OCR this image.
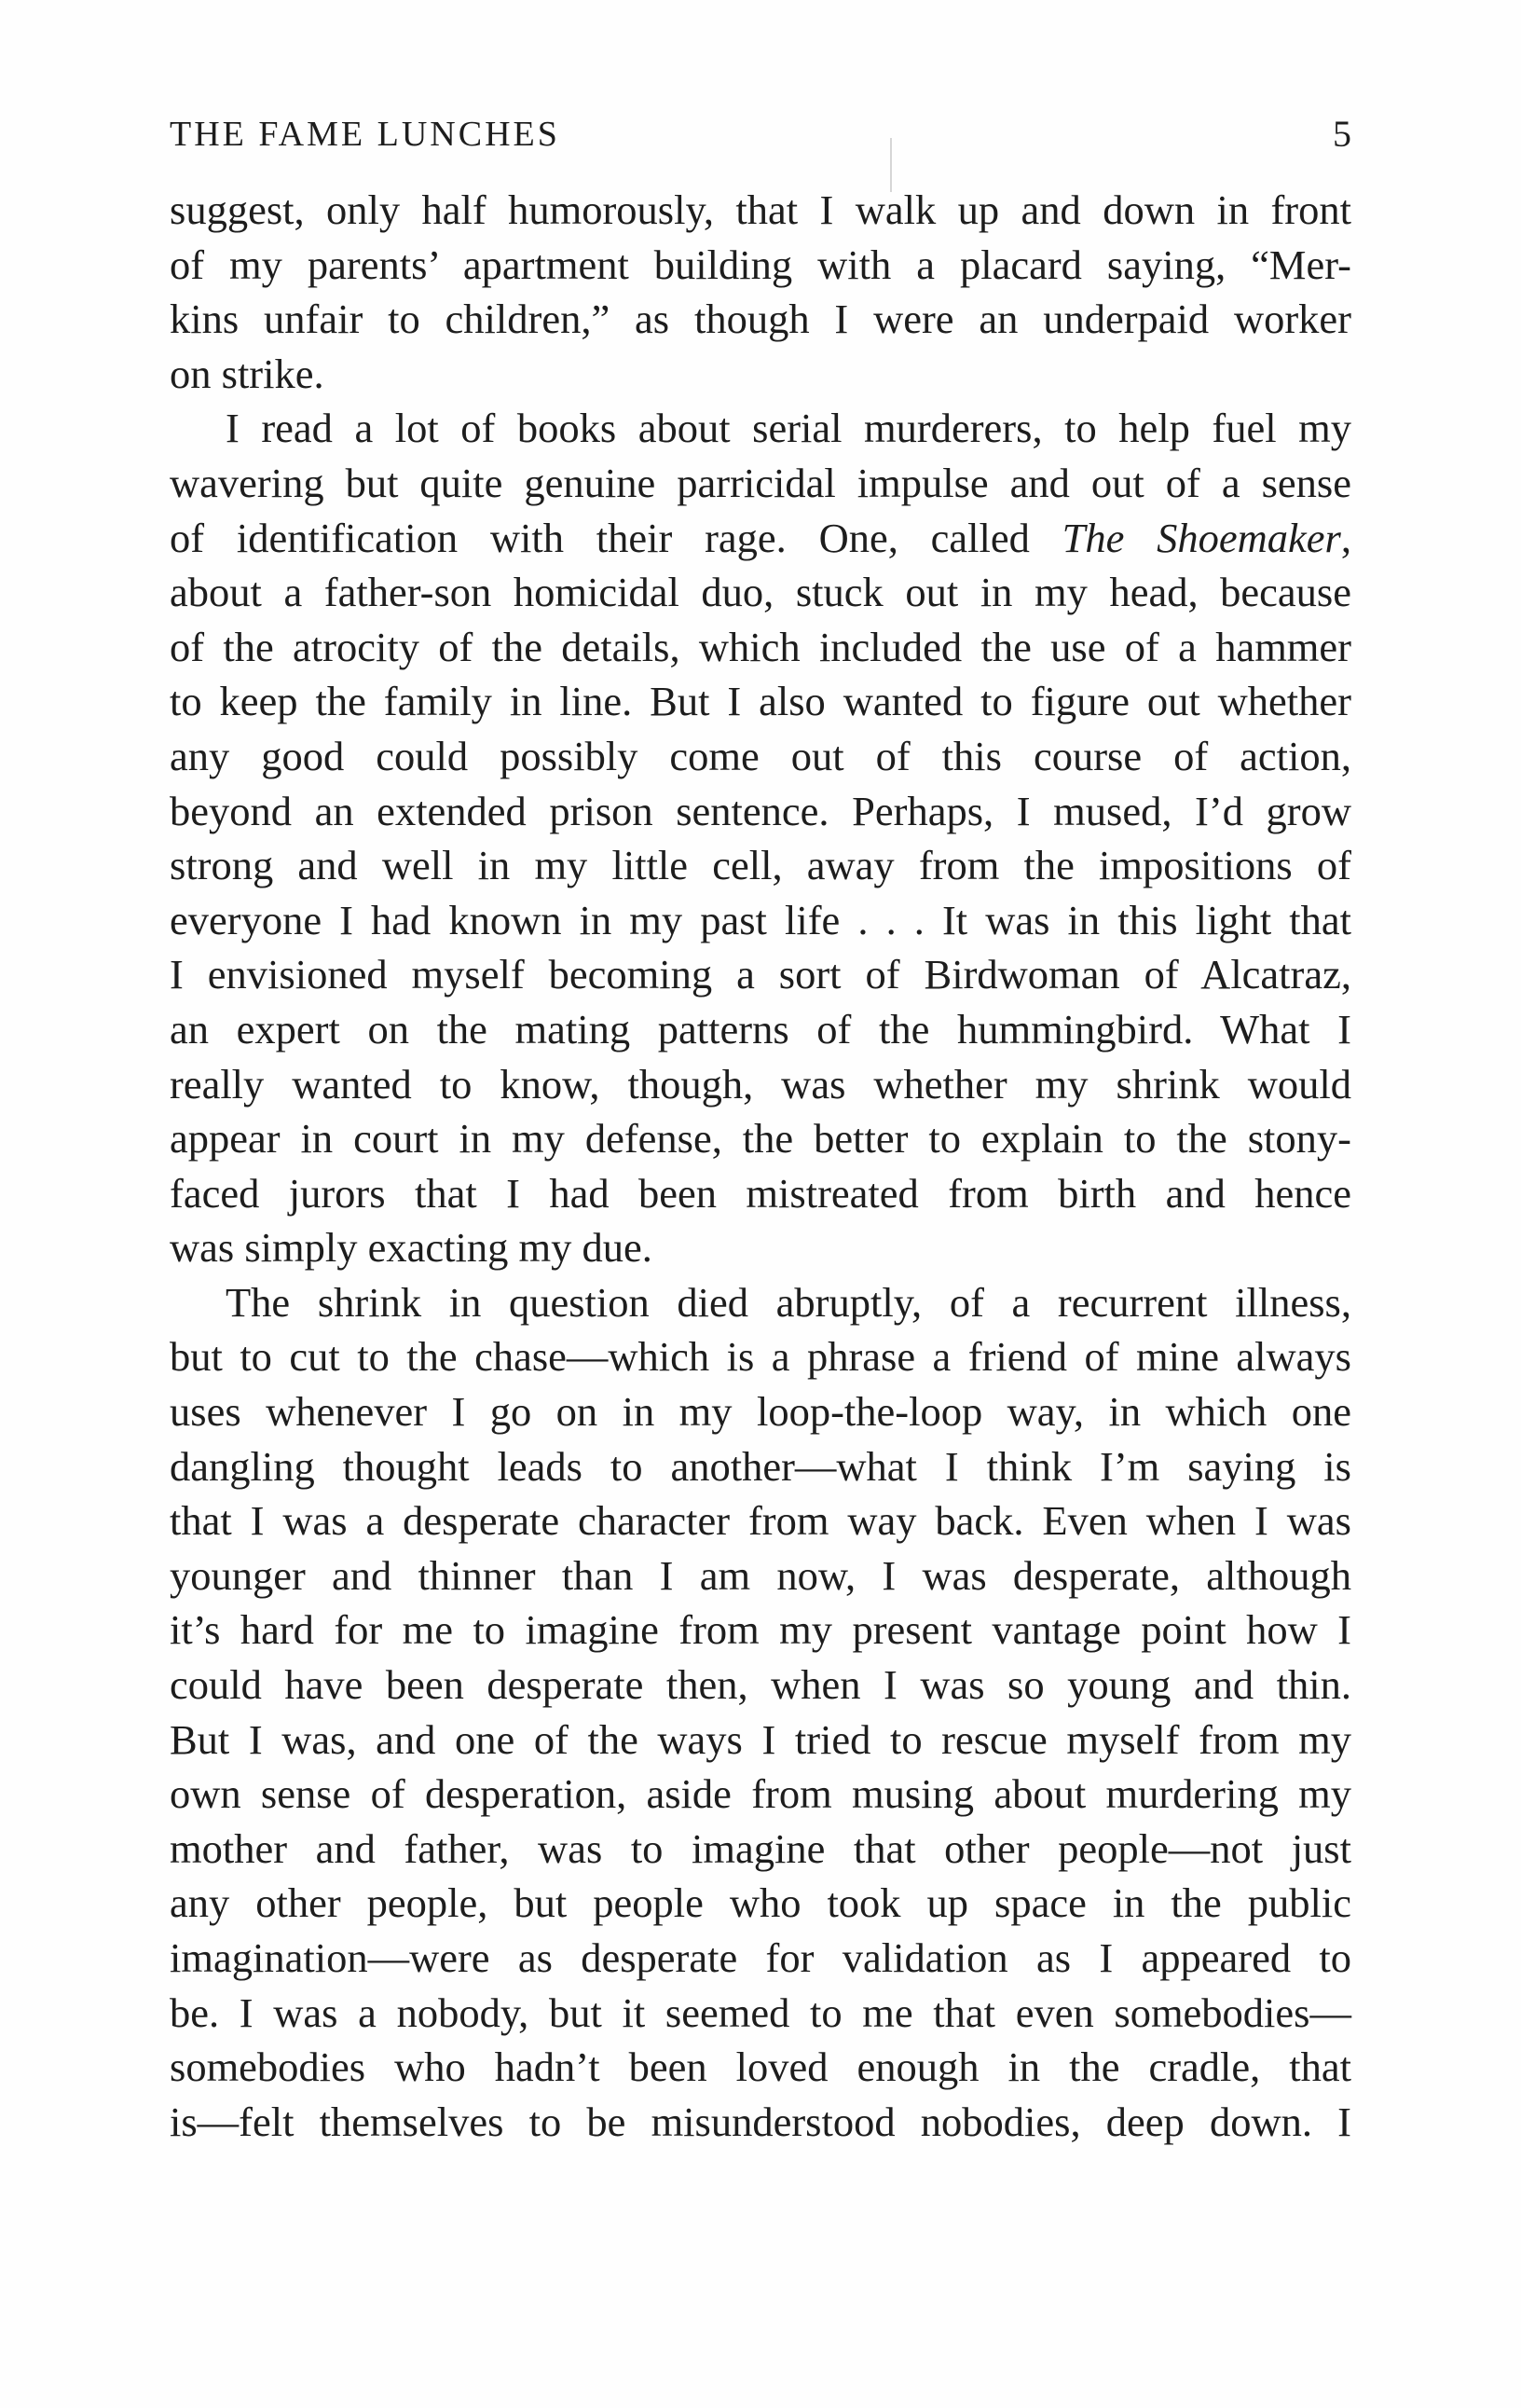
THE FAME LUNCHES	5
suggest, only half humorously, that I walk up and down in front
of my parents’ apartment building with a placard saying, “Mer-
kins unfair to children,” as though I were an underpaid worker
on strike.
I read a lot of books about serial murderers, to help fuel my
wavering but quite genuine parricidal impulse and out of a sense
of identification with their rage. One, called The Shoemaker,
about a father-son homicidal duo, stuck out in my head, because
of the atrocity of the details, which included the use of a hammer
to keep the family in line. But I also wanted to figure out whether
any good could possibly come out of this course of action,
beyond an extended prison sentence. Perhaps, I mused, I’d grow
strong and well in my little cell, away from the impositions of
everyone I had known in my past life . . . It was in this light that
I envisioned myself becoming a sort of Birdwoman of Alcatraz,
an expert on the mating patterns of the hummingbird. What I
really wanted to know, though, was whether my shrink would
appear in court in my defense, the better to explain to the stony-
faced jurors that I had been mistreated from birth and hence
was simply exacting my due.
The shrink in question died abruptly, of a recurrent illness,
but to cut to the chase—which is a phrase a friend of mine always
uses whenever I go on in my loop-the-loop way, in which one
dangling thought leads to another—what I think I’m saying is
that I was a desperate character from way back. Even when I was
younger and thinner than I am now, I was desperate, although
it’s hard for me to imagine from my present vantage point how I
could have been desperate then, when I was so young and thin.
But I was, and one of the ways I tried to rescue myself from my
own sense of desperation, aside from musing about murdering my
mother and father, was to imagine that other people—not just
any other people, but people who took up space in the public
imagination—were as desperate for validation as I appeared to
be. I was a nobody, but it seemed to me that even somebodies—
somebodies who hadn’t been loved enough in the cradle, that
is—felt themselves to be misunderstood nobodies, deep down. I
